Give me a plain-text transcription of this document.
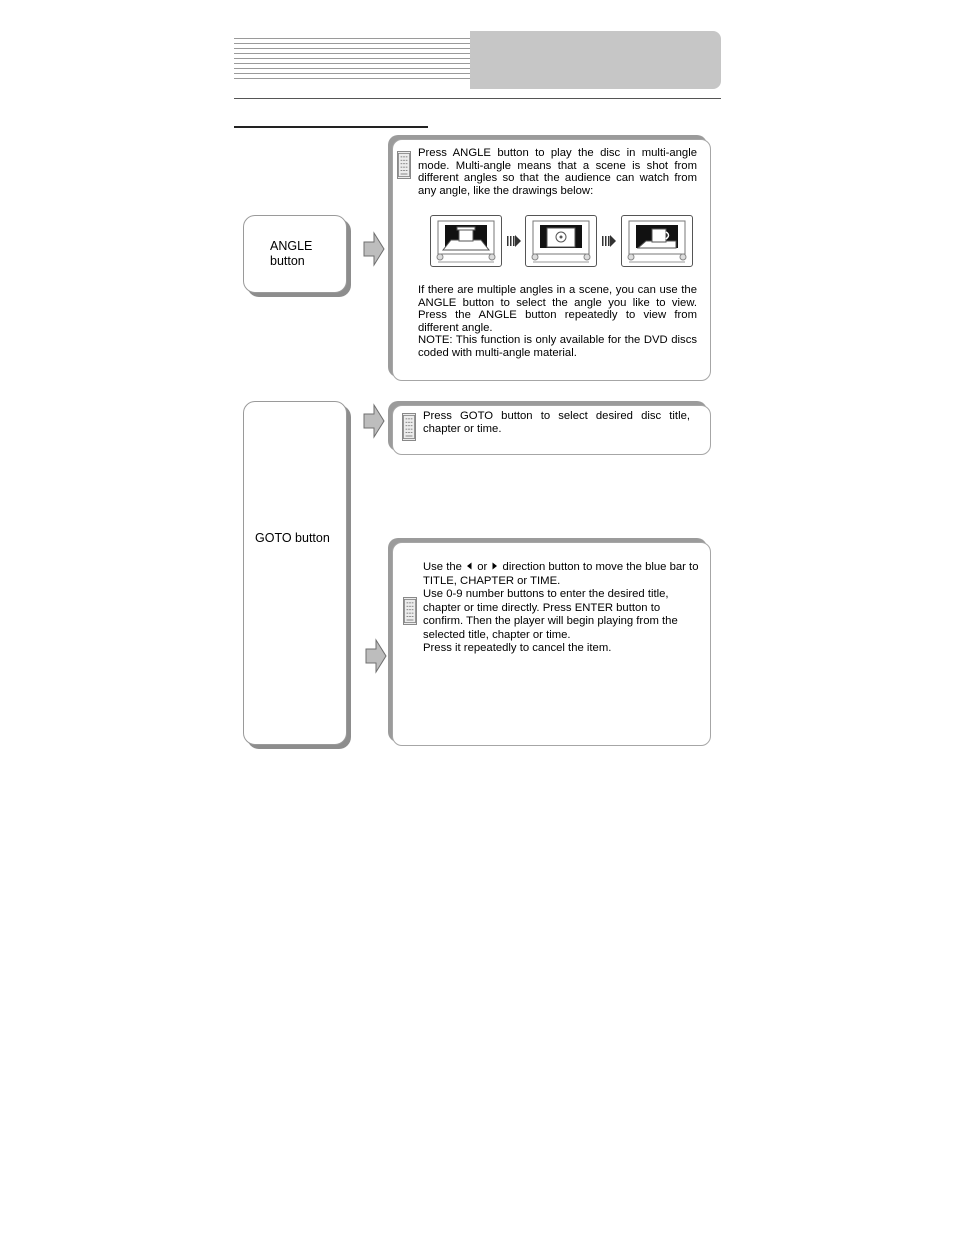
ANGLE button
Press ANGLE button to play the disc in multi-angle mode. Multi-angle means that a scene is shot from different angles so that the audience can watch from any angle, like the drawings below:
If there are multiple angles in a scene, you can use the ANGLE button to select the angle you like to view. Press the ANGLE button repeatedly to view from different angle.
NOTE: This function is only available for the DVD discs coded with multi-angle material.
GOTO button
Press GOTO button to select desired disc title, chapter or time.
Use the or direction button to move the blue bar to TITLE, CHAPTER or TIME.
Use 0-9 number buttons to enter the desired title, chapter or time directly. Press ENTER button to confirm. Then the player will begin playing from the selected title, chapter or time.
Press it repeatedly to cancel the item.
